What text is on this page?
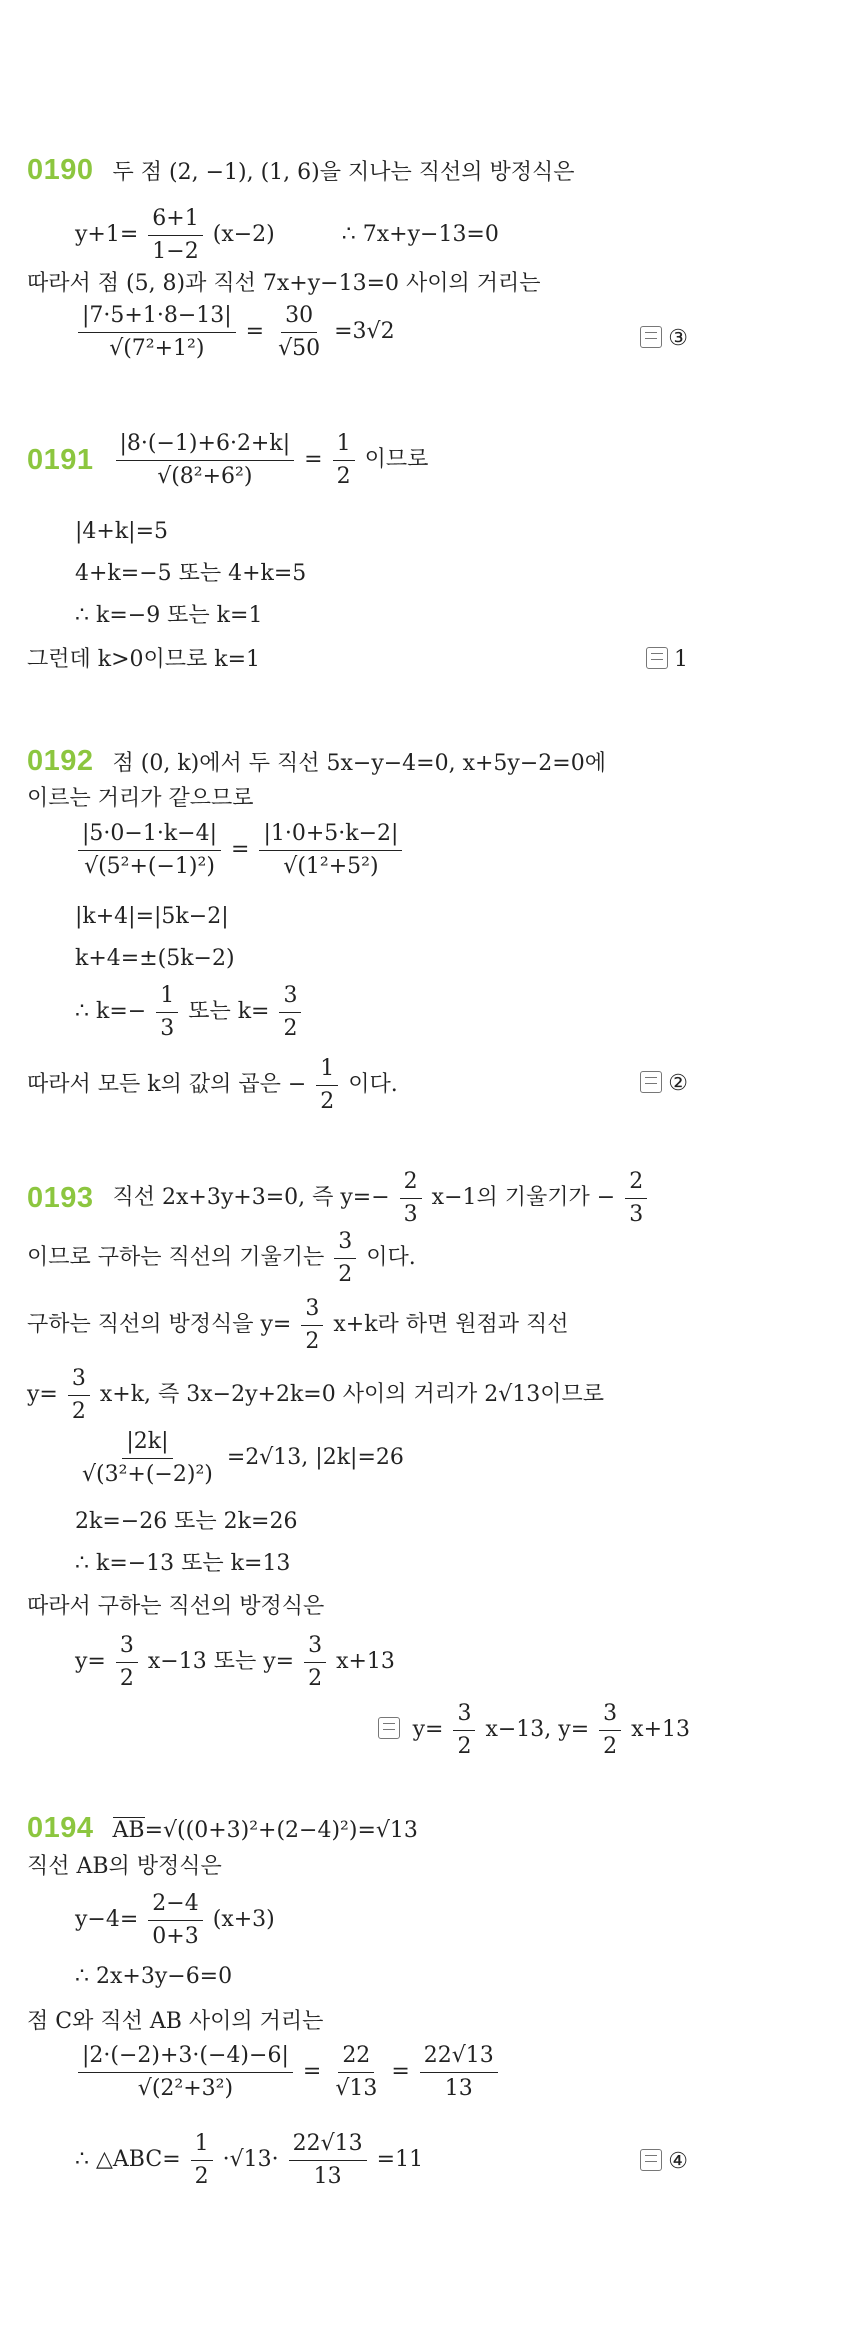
0190 두 점 (2, −1), (1, 6)을 지나는 직선의 방정식은
$y+1= \frac{6+1}{1-2} (x-2)$	∴ 7x+y−13=0
따라서 점 (5, 8)과 직선 7x+y−13=0 사이의 거리는
$\frac{|7\cdot 5+1\cdot 8-13|}{\text{√(7²+1²)}} = \frac{30}{√50} =3√2$	③
$0191 \frac{|8\cdot(-1)+6\cdot 2+k|}{\text{√(8²+6²)}} = \frac{1}{2}$ 이므로
|4+k|=5
4+k=−5 또는 4+k=5
∴ k=−9 또는 k=1
그런데 k>0이므로 k=1	1
0192 점 (0, k)에서 두 직선 5x−y−4=0, x+5y−2=0에
이르는 거리가 같으므로
$\frac{|5\cdot 0-1\cdot k-4|}{\text{√(5²+(−1)²)}} = \frac{|1\cdot 0+5\cdot k-2|}{\text{√(1²+5²)}}$
|k+4|=|5k−2|
k+4=±(5k−2)
∴ $k=- \frac{1}{3}$ 또는 $k= \frac{3}{2}$
따라서 모든 k의 값의 곱은 − $\frac{1}{2}$ 이다.	②
0193 직선 2x+3y+3=0, 즉 $y=- \frac{2}{3} x-1$의 기울기가 − $\frac{2}{3}$
이므로 구하는 직선의 기울기는 $\frac{3}{2}$ 이다.
구하는 직선의 방정식을 $y= \frac{3}{2} x+k$라 하면 원점과 직선
$y= \frac{3}{2} x+k$, 즉 3x−2y+2k=0 사이의 거리가 2√13이므로
$\frac{|2k|}{\text{√(3²+(−2)²)}} =2√13$, |2k|=26
2k=−26 또는 2k=26
∴ k=−13 또는 k=13
따라서 구하는 직선의 방정식은
$y= \frac{3}{2} x-13$ 또는 $y= \frac{3}{2} x+13$
$y= \frac{3}{2} x-13$, $y= \frac{3}{2} x+13$
0194 AB=√((0+3)²+(2−4)²)=√13
직선 AB의 방정식은
$y-4= \frac{2-4}{0+3} (x+3)$
∴ 2x+3y−6=0
점 C와 직선 AB 사이의 거리는
$\frac{|2\cdot(-2)+3\cdot(-4)-6|}{\text{√(2²+3²)}} = \frac{22}{√13} = \frac{22√13}{13}$
∴ △ABC= $\frac{1}{2} \cdot√13\cdot \frac{22√13}{13} =11$	④
